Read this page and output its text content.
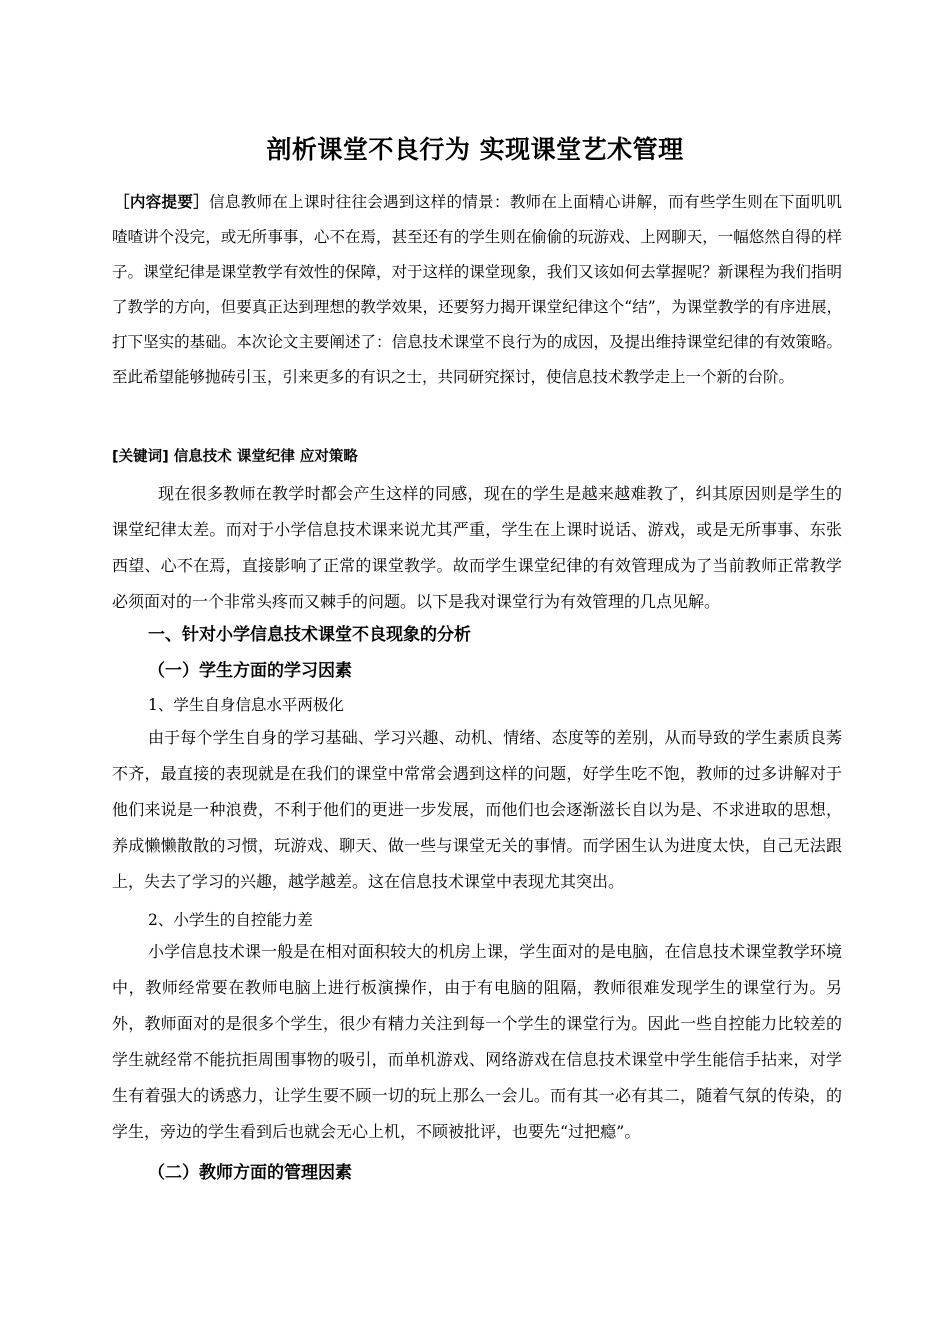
剖析课堂不良行为 实现课堂艺术管理
［内容提要］信息教师在上课时往往会遇到这样的情景：教师在上面精心讲解，而有些学生则在下面叽叽喳喳讲个没完，或无所事事，心不在焉，甚至还有的学生则在偷偷的玩游戏、上网聊天，一幅悠然自得的样子。课堂纪律是课堂教学有效性的保障，对于这样的课堂现象，我们又该如何去掌握呢？新课程为我们指明了教学的方向，但要真正达到理想的教学效果，还要努力揭开课堂纪律这个“结”，为课堂教学的有序进展，打下坚实的基础。本次论文主要阐述了：信息技术课堂不良行为的成因，及提出维持课堂纪律的有效策略。至此希望能够抛砖引玉，引来更多的有识之士，共同研究探讨，使信息技术教学走上一个新的台阶。
[关键词] 信息技术 课堂纪律 应对策略
现在很多教师在教学时都会产生这样的同感，现在的学生是越来越难教了，纠其原因则是学生的课堂纪律太差。而对于小学信息技术课来说尤其严重，学生在上课时说话、游戏，或是无所事事、东张西望、心不在焉，直接影响了正常的课堂教学。故而学生课堂纪律的有效管理成为了当前教师正常教学必须面对的一个非常头疼而又棘手的问题。以下是我对课堂行为有效管理的几点见解。
一、针对小学信息技术课堂不良现象的分析
（一）学生方面的学习因素
1、学生自身信息水平两极化
由于每个学生自身的学习基础、学习兴趣、动机、情绪、态度等的差别，从而导致的学生素质良莠不齐，最直接的表现就是在我们的课堂中常常会遇到这样的问题，好学生吃不饱，教师的过多讲解对于他们来说是一种浪费，不利于他们的更进一步发展，而他们也会逐渐滋长自以为是、不求进取的思想，养成懒懒散散的习惯，玩游戏、聊天、做一些与课堂无关的事情。而学困生认为进度太快，自己无法跟上，失去了学习的兴趣，越学越差。这在信息技术课堂中表现尤其突出。
2、小学生的自控能力差
小学信息技术课一般是在相对面积较大的机房上课，学生面对的是电脑，在信息技术课堂教学环境中，教师经常要在教师电脑上进行板演操作，由于有电脑的阻隔，教师很难发现学生的课堂行为。另外，教师面对的是很多个学生，很少有精力关注到每一个学生的课堂行为。因此一些自控能力比较差的学生就经常不能抗拒周围事物的吸引，而单机游戏、网络游戏在信息技术课堂中学生能信手拈来，对学生有着强大的诱惑力，让学生要不顾一切的玩上那么一会儿。而有其一必有其二，随着气氛的传染，的学生，旁边的学生看到后也就会无心上机，不顾被批评，也要先“过把瘾”。
（二）教师方面的管理因素
